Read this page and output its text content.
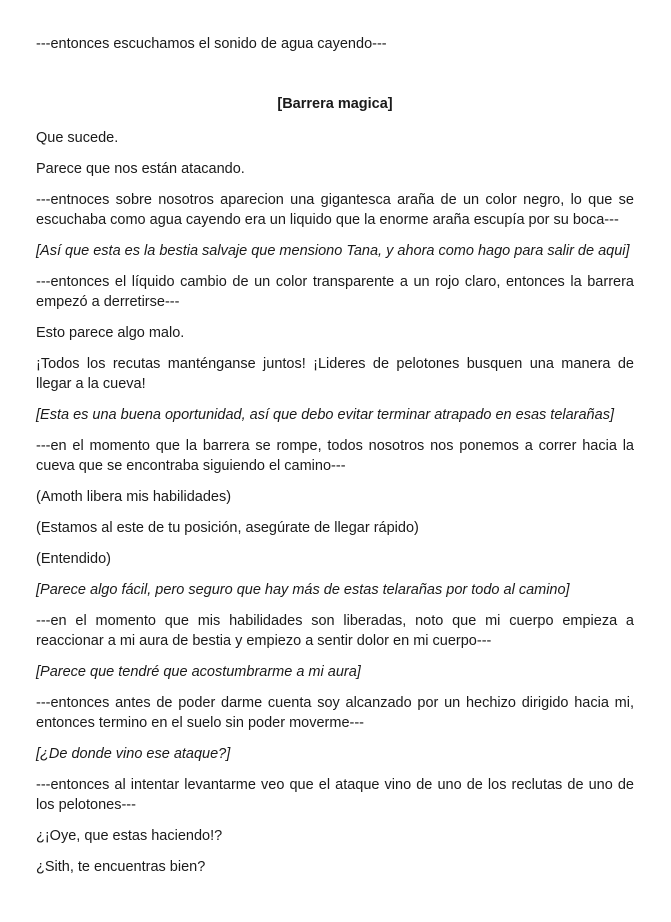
---entonces escuchamos el sonido de agua cayendo---

[Barrera magica]

Que sucede.

Parece que nos están atacando.

---entnoces sobre nosotros aparecion una gigantesca araña de un color negro, lo que se escuchaba como agua cayendo era un liquido que la enorme araña escupía por su boca---

[Así que esta es la bestia salvaje que mensiono Tana, y ahora como hago para salir de aqui]

---entonces el líquido cambio de un color transparente a un rojo claro, entonces la barrera empezó a derretirse---

Esto parece algo malo.

¡Todos los recutas manténganse juntos! ¡Lideres de pelotones busquen una manera de llegar a la cueva!

[Esta es una buena oportunidad, así que debo evitar terminar atrapado en esas telarañas]

---en el momento que la barrera se rompe, todos nosotros nos ponemos a correr hacia la cueva que se encontraba siguiendo el camino---

(Amoth libera mis habilidades)

(Estamos al este de tu posición, asegúrate de llegar rápido)

(Entendido)

[Parece algo fácil, pero seguro que hay más de estas telarañas por todo al camino]

---en el momento que mis habilidades son liberadas, noto que mi cuerpo empieza a reaccionar a mi aura de bestia y empiezo a sentir dolor en mi cuerpo---

[Parece que tendré que acostumbrarme a mi aura]

---entonces antes de poder darme cuenta soy alcanzado por un hechizo dirigido hacia mi, entonces termino en el suelo sin poder moverme---

[¿De donde vino ese ataque?]

---entonces al intentar levantarme veo que el ataque vino de uno de los reclutas de uno de los pelotones---

¿¡Oye, que estas haciendo!?

¿Sith, te encuentras bien?
